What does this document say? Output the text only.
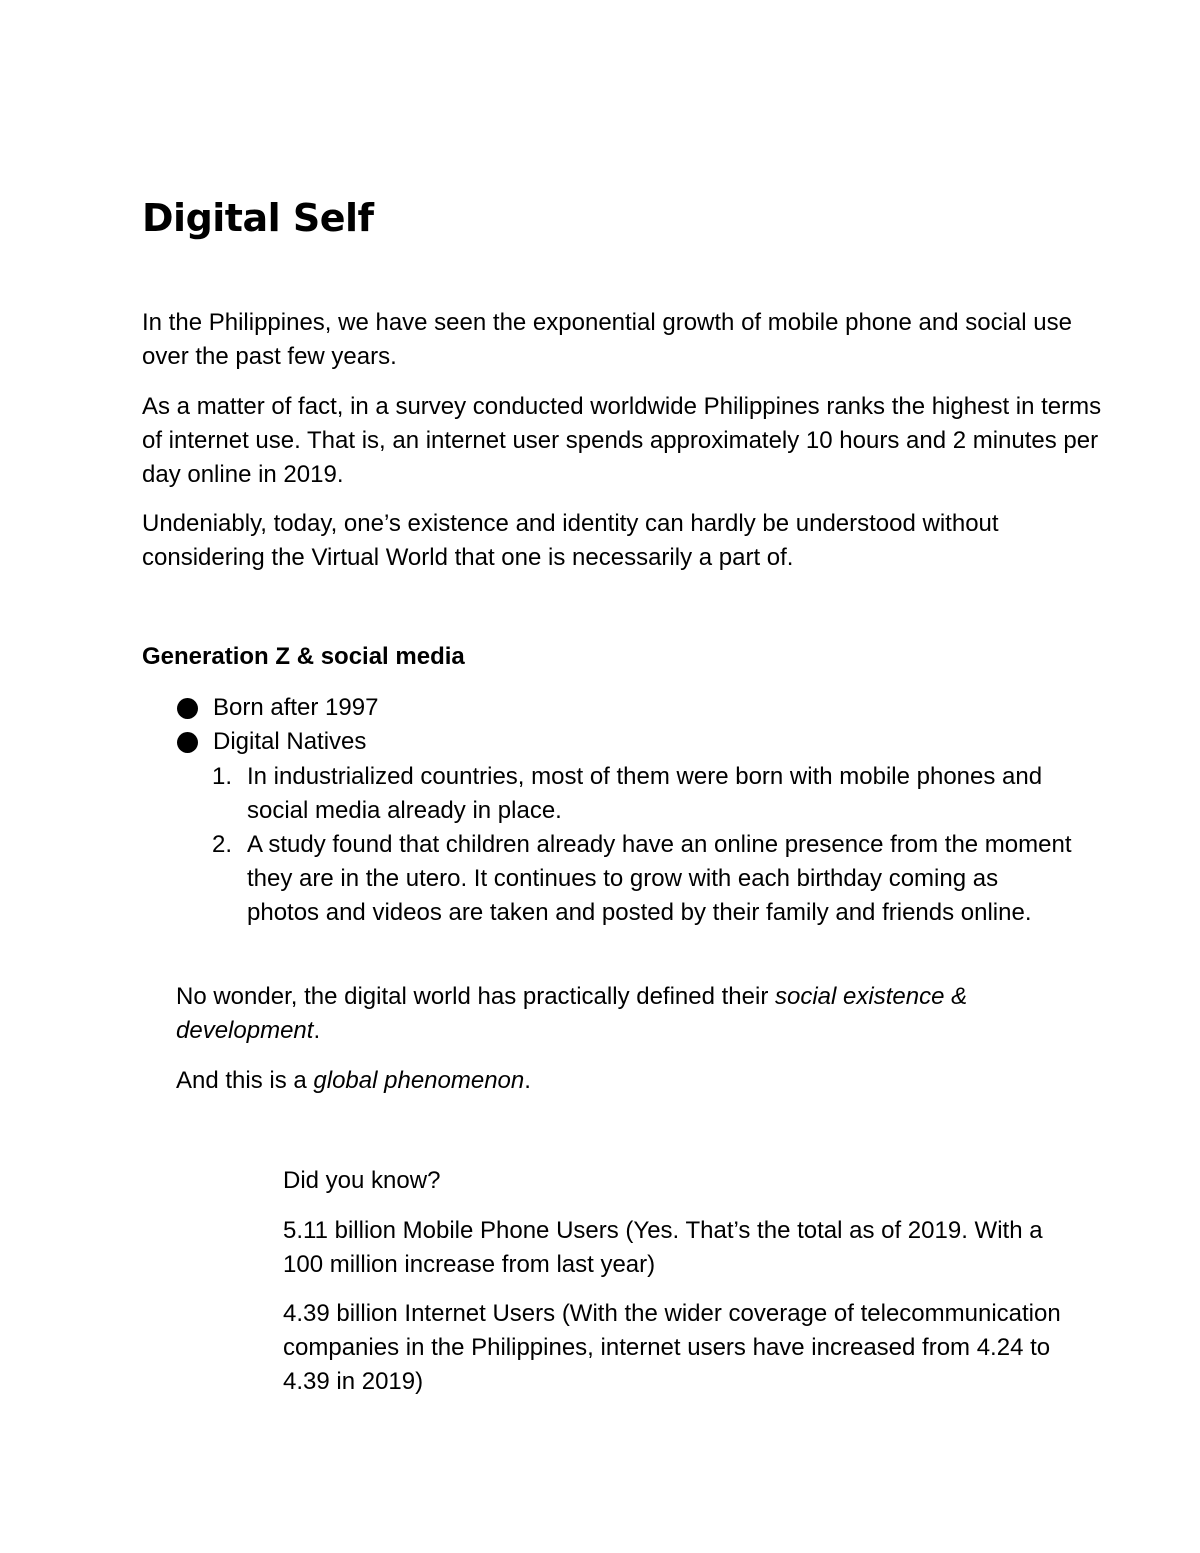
Digital Self

In the Philippines, we have seen the exponential growth of mobile phone and social use over the past few years.

As a matter of fact, in a survey conducted worldwide Philippines ranks the highest in terms of internet use. That is, an internet user spends approximately 10 hours and 2 minutes per day online in 2019.

Undeniably, today, one’s existence and identity can hardly be understood without considering the Virtual World that one is necessarily a part of.

Generation Z & social media
Born after 1997
Digital Natives
1. In industrialized countries, most of them were born with mobile phones and social media already in place.
2. A study found that children already have an online presence from the moment they are in the utero. It continues to grow with each birthday coming as photos and videos are taken and posted by their family and friends online.

No wonder, the digital world has practically defined their social existence & development.

And this is a global phenomenon.

Did you know?

5.11 billion Mobile Phone Users (Yes. That’s the total as of 2019. With a 100 million increase from last year)

4.39 billion Internet Users (With the wider coverage of telecommunication companies in the Philippines, internet users have increased from 4.24 to 4.39 in 2019)
